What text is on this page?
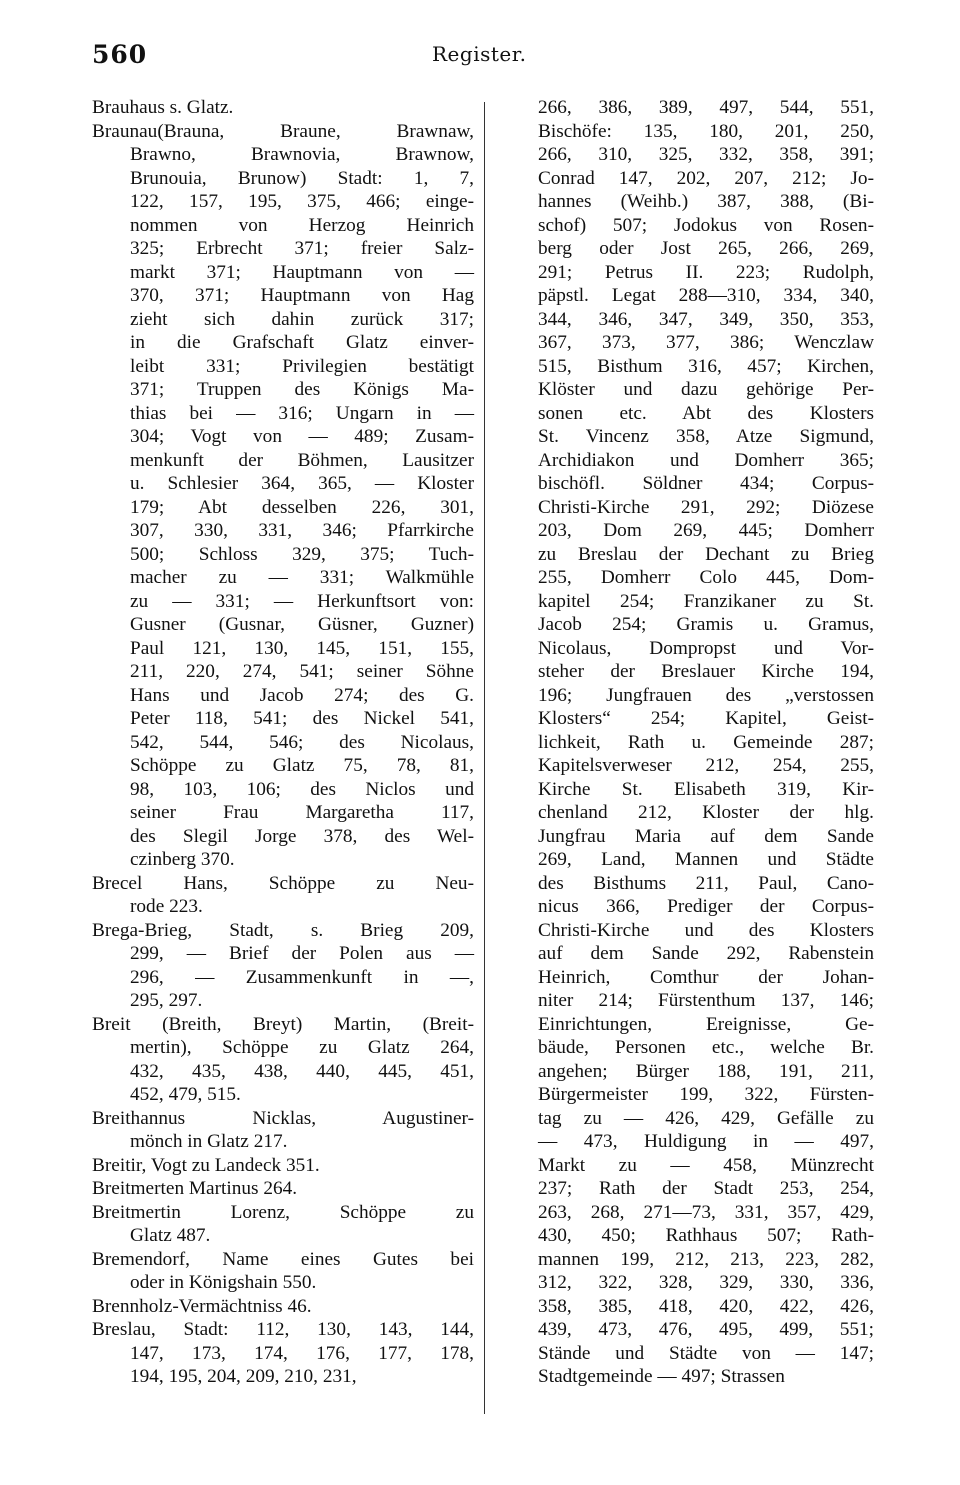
560	Register.
Brauhaus s. Glatz.
Braunau(Brauna, Braune, Brawnaw,
Brawno, Brawnovia, Brawnow,
Brunouia, Brunow) Stadt: 1, 7,
122, 157, 195, 375, 466; einge-
nommen von Herzog Heinrich
325; Erbrecht 371; freier Salz-
markt 371; Hauptmann von —
370, 371; Hauptmann von Hag
zieht sich dahin zurück 317;
in die Grafschaft Glatz einver-
leibt 331; Privilegien bestätigt
371; Truppen des Königs Ma-
thias bei — 316; Ungarn in —
304; Vogt von — 489; Zusam-
menkunft der Böhmen, Lausitzer
u. Schlesier 364, 365, — Kloster
179; Abt desselben 226, 301,
307, 330, 331, 346; Pfarrkirche
500; Schloss 329, 375; Tuch-
macher zu — 331; Walkmühle
zu — 331; — Herkunftsort von:
Gusner (Gusnar, Güsner, Guzner)
Paul 121, 130, 145, 151, 155,
211, 220, 274, 541; seiner Söhne
Hans und Jacob 274; des G.
Peter 118, 541; des Nickel 541,
542, 544, 546; des Nicolaus,
Schöppe zu Glatz 75, 78, 81,
98, 103, 106; des Niclos und
seiner Frau Margaretha 117,
des Slegil Jorge 378, des Wel-
czinberg 370.
Brecel Hans, Schöppe zu Neu-
rode 223.
Brega-Brieg, Stadt, s. Brieg 209,
299, — Brief der Polen aus —
296, — Zusammenkunft in —,
295, 297.
Breit (Breith, Breyt) Martin, (Breit-
mertin), Schöppe zu Glatz 264,
432, 435, 438, 440, 445, 451,
452, 479, 515.
Breithannus Nicklas, Augustiner-
mönch in Glatz 217.
Breitir, Vogt zu Landeck 351.
Breitmerten Martinus 264.
Breitmertin Lorenz, Schöppe zu
Glatz 487.
Bremendorf, Name eines Gutes bei
oder in Königshain 550.
Brennholz-Vermächtniss 46.
Breslau, Stadt: 112, 130, 143, 144,
147, 173, 174, 176, 177, 178,
194, 195, 204, 209, 210, 231,
266, 386, 389, 497, 544, 551,
Bischöfe: 135, 180, 201, 250,
266, 310, 325, 332, 358, 391;
Conrad 147, 202, 207, 212; Jo-
hannes (Weihb.) 387, 388, (Bi-
schof) 507; Jodokus von Rosen-
berg oder Jost 265, 266, 269,
291; Petrus II. 223; Rudolph,
päpstl. Legat 288—310, 334, 340,
344, 346, 347, 349, 350, 353,
367, 373, 377, 386; Wenczlaw
515, Bisthum 316, 457; Kirchen,
Klöster und dazu gehörige Per-
sonen etc. Abt des Klosters
St. Vincenz 358, Atze Sigmund,
Archidiakon und Domherr 365;
bischöfl. Söldner 434; Corpus-
Christi-Kirche 291, 292; Diözese
203, Dom 269, 445; Domherr
zu Breslau der Dechant zu Brieg
255, Domherr Colo 445, Dom-
kapitel 254; Franzikaner zu St.
Jacob 254; Gramis u. Gramus,
Nicolaus, Dompropst und Vor-
steher der Breslauer Kirche 194,
196; Jungfrauen des „verstossen
Klosters“ 254; Kapitel, Geist-
lichkeit, Rath u. Gemeinde 287;
Kapitelsverweser 212, 254, 255,
Kirche St. Elisabeth 319, Kir-
chenland 212, Kloster der hlg.
Jungfrau Maria auf dem Sande
269, Land, Mannen und Städte
des Bisthums 211, Paul, Cano-
nicus 366, Prediger der Corpus-
Christi-Kirche und des Klosters
auf dem Sande 292, Rabenstein
Heinrich, Comthur der Johan-
niter 214; Fürstenthum 137, 146;
Einrichtungen, Ereignisse, Ge-
bäude, Personen etc., welche Br.
angehen; Bürger 188, 191, 211,
Bürgermeister 199, 322, Fürsten-
tag zu — 426, 429, Gefälle zu
— 473, Huldigung in — 497,
Markt zu — 458, Münzrecht
237; Rath der Stadt 253, 254,
263, 268, 271—73, 331, 357, 429,
430, 450; Rathhaus 507; Rath-
mannen 199, 212, 213, 223, 282,
312, 322, 328, 329, 330, 336,
358, 385, 418, 420, 422, 426,
439, 473, 476, 495, 499, 551;
Stände und Städte von — 147;
Stadtgemeinde — 497; Strassen
